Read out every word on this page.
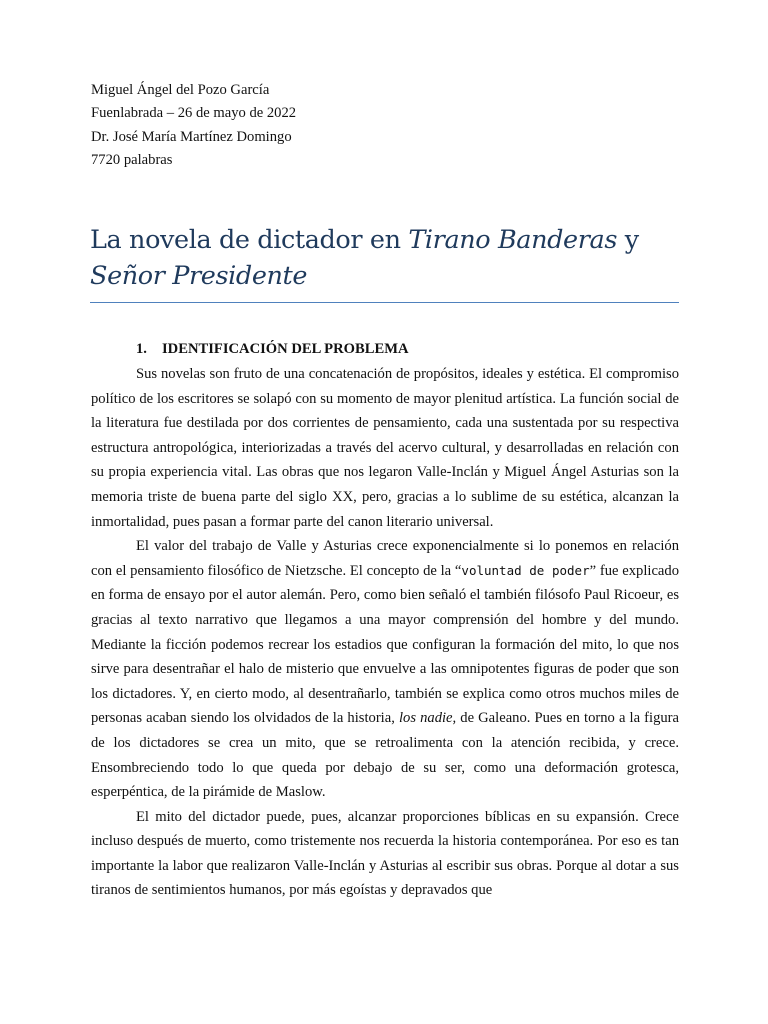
Miguel Ángel del Pozo García
Fuenlabrada – 26 de mayo de 2022
Dr. José María Martínez Domingo
7720 palabras
La novela de dictador en Tirano Banderas y
Señor Presidente
1. IDENTIFICACIÓN DEL PROBLEMA

Sus novelas son fruto de una concatenación de propósitos, ideales y estética. El compromiso político de los escritores se solapó con su momento de mayor plenitud artística. La función social de la literatura fue destilada por dos corrientes de pensamiento, cada una sustentada por su respectiva estructura antropológica, interiorizadas a través del acervo cultural, y desarrolladas en relación con su propia experiencia vital. Las obras que nos legaron Valle-Inclán y Miguel Ángel Asturias son la memoria triste de buena parte del siglo XX, pero, gracias a lo sublime de su estética, alcanzan la inmortalidad, pues pasan a formar parte del canon literario universal.

El valor del trabajo de Valle y Asturias crece exponencialmente si lo ponemos en relación con el pensamiento filosófico de Nietzsche. El concepto de la “voluntad de poder” fue explicado en forma de ensayo por el autor alemán. Pero, como bien señaló el también filósofo Paul Ricoeur, es gracias al texto narrativo que llegamos a una mayor comprensión del hombre y del mundo. Mediante la ficción podemos recrear los estadios que configuran la formación del mito, lo que nos sirve para desentrañar el halo de misterio que envuelve a las omnipotentes figuras de poder que son los dictadores. Y, en cierto modo, al desentrañarlo, también se explica como otros muchos miles de personas acaban siendo los olvidados de la historia, los nadie, de Galeano. Pues en torno a la figura de los dictadores se crea un mito, que se retroalimenta con la atención recibida, y crece. Ensombreciendo todo lo que queda por debajo de su ser, como una deformación grotesca, esperpéntica, de la pirámide de Maslow.

El mito del dictador puede, pues, alcanzar proporciones bíblicas en su expansión. Crece incluso después de muerto, como tristemente nos recuerda la historia contemporánea. Por eso es tan importante la labor que realizaron Valle-Inclán y Asturias al escribir sus obras. Porque al dotar a sus tiranos de sentimientos humanos, por más egoístas y depravados que
